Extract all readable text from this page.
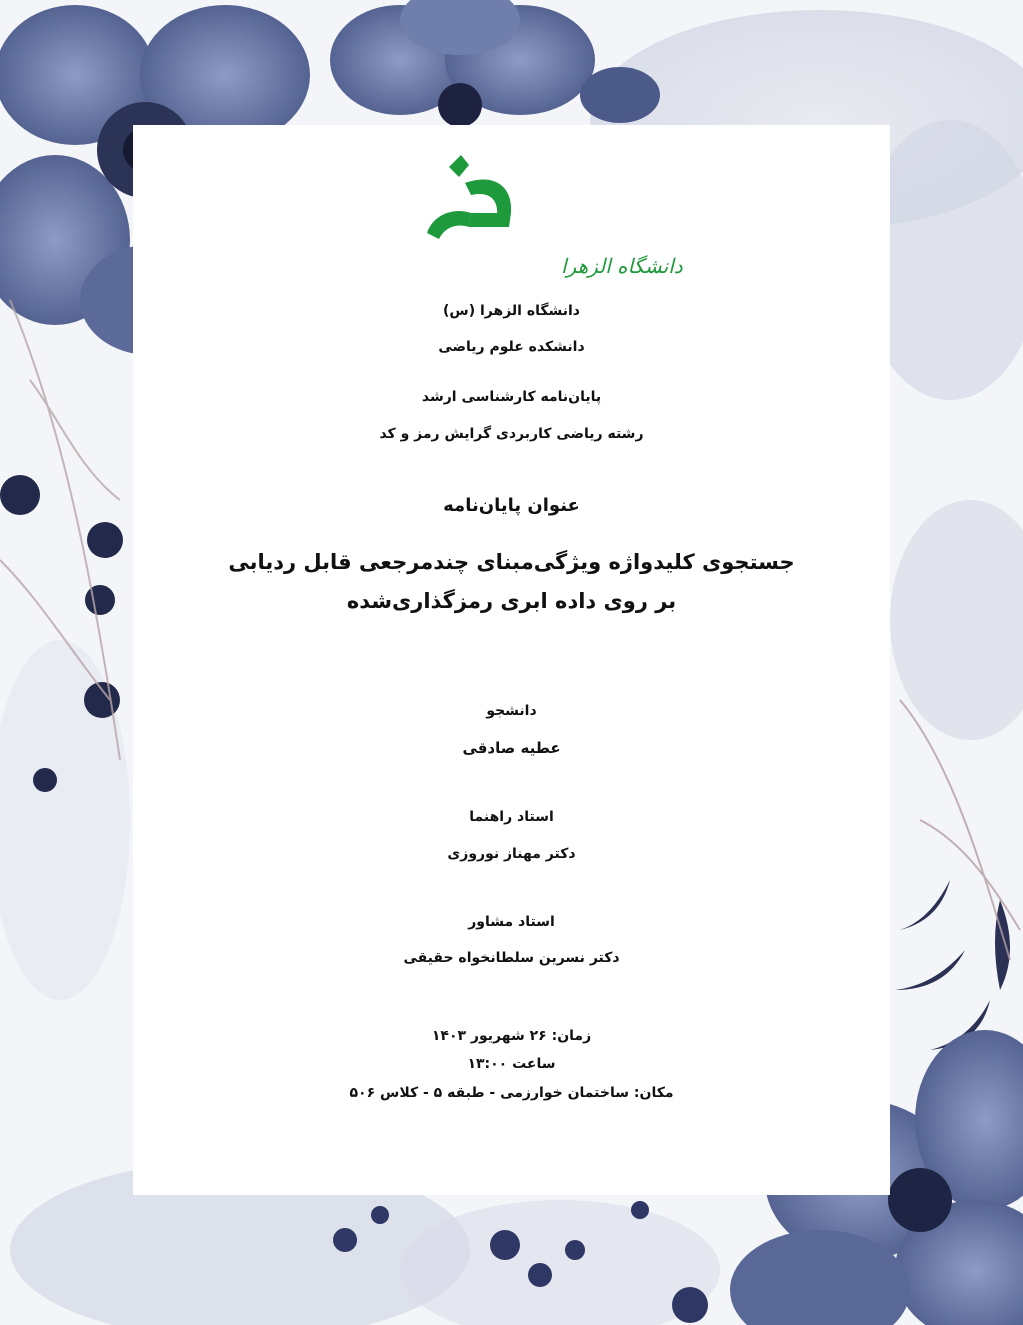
دانشگاه الزهرا
دانشگاه الزهرا (س)
دانشکده علوم ریاضی
پایان‌نامه کارشناسی ارشد
رشته ریاضی کاربردی گرایش رمز و کد
عنوان پایان‌نامه
جستجوی کلیدواژه ویژگی‌مبنای چندمرجعی قابل ردیابی
بر روی داده ابری رمزگذاری‌شده
دانشجو
عطیه صادقی
استاد راهنما
دکتر مهناز نوروزی
استاد مشاور
دکتر نسرین سلطانخواه حقیقی
زمان: ۲۶ شهریور ۱۴۰۳
ساعت ۱۳:۰۰
مکان: ساختمان خوارزمی - طبقه ۵ - کلاس ۵۰۶
